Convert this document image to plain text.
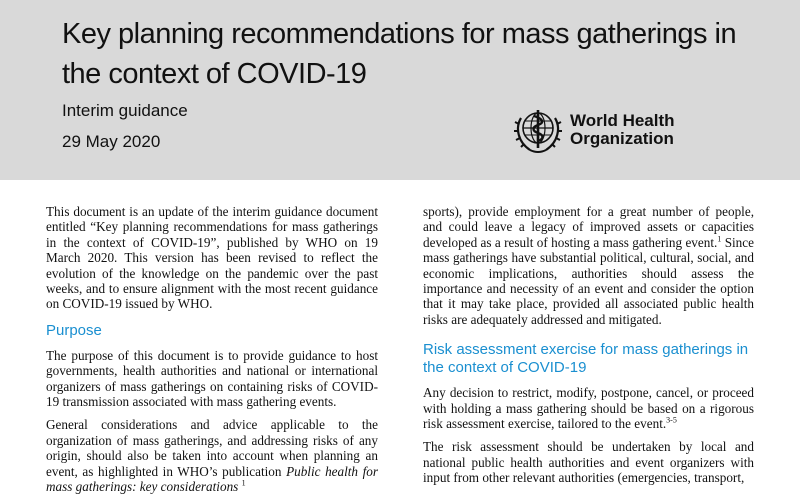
Key planning recommendations for mass gatherings in
the context of COVID-19
Interim guidance
29 May 2020
World Health
Organization

This document is an update of the interim guidance document entitled “Key planning recommendations for mass gatherings in the context of COVID-19”, published by WHO on 19 March 2020. This version has been revised to reflect the evolution of the knowledge on the pandemic over the past weeks, and to ensure alignment with the most recent guidance on COVID-19 issued by WHO.

Purpose

The purpose of this document is to provide guidance to host governments, health authorities and national or international organizers of mass gatherings on containing risks of COVID-19 transmission associated with mass gathering events.

General considerations and advice applicable to the organization of mass gatherings, and addressing risks of any origin, should also be taken into account when planning an event, as highlighted in WHO’s publication Public health for mass gatherings: key considerations $^1$

sports), provide employment for a great number of people, and could leave a legacy of improved assets or capacities developed as a result of hosting a mass gathering event.$^1$ Since mass gatherings have substantial political, cultural, social, and economic implications, authorities should assess the importance and necessity of an event and consider the option that it may take place, provided all associated public health risks are adequately addressed and mitigated.

Risk assessment exercise for mass gatherings in the context of COVID-19

Any decision to restrict, modify, postpone, cancel, or proceed with holding a mass gathering should be based on a rigorous risk assessment exercise, tailored to the event.$^{3-5}$

The risk assessment should be undertaken by local and national public health authorities and event organizers with input from other relevant authorities (emergencies, transport,
